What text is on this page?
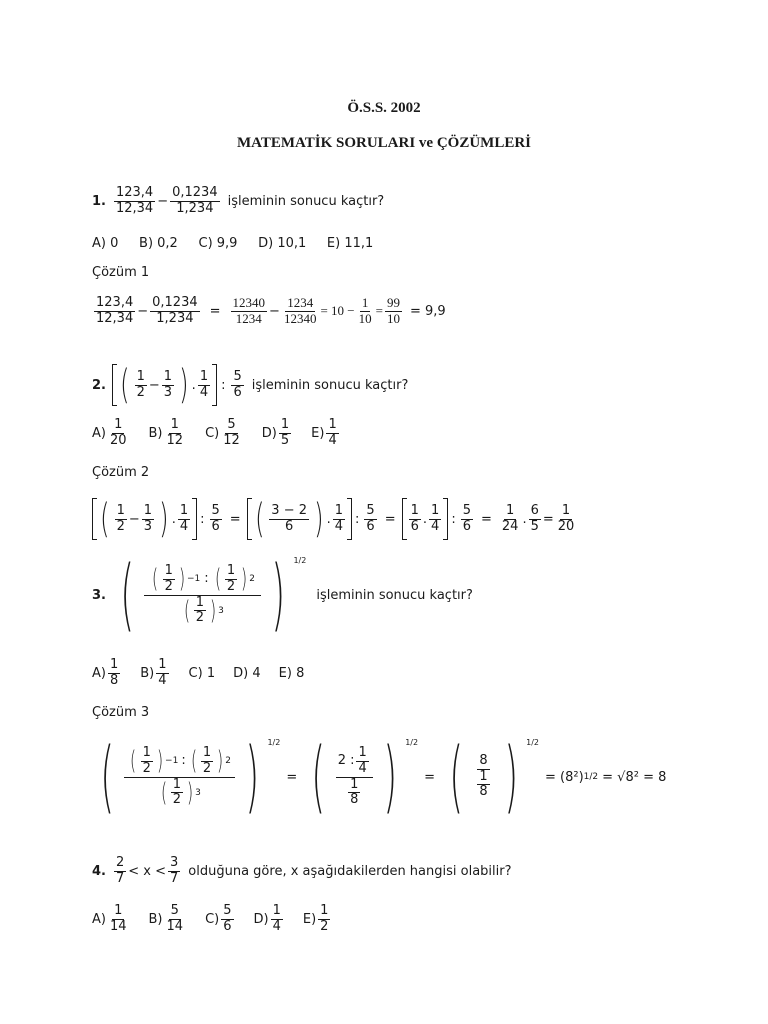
Ö.S.S. 2002
MATEMATİK SORULARI ve ÇÖZÜMLERİ
1. $\frac{123,4}{12,34} - \frac{0,1234}{1,234}$ işleminin sonucu kaçtır?
A) 0     B) 0,2     C) 9,9     D) 10,1     E) 11,1
Çözüm 1
$\frac{123,4}{12,34} - \frac{0,1234}{1,234} = \frac{12340}{1234} - \frac{1234}{12340} = 10 - \frac{1}{10} = \frac{99}{10} = 9,9$
2. ( $\frac{1}{2} - \frac{1}{3}$ ) . $\frac{1}{4}$ : $\frac{5}{6}$ işleminin sonucu kaçtır?
$A) \frac{1}{20} B) \frac{1}{12} C) \frac{5}{12} D) \frac{1}{5} E) \frac{1}{4}$
Çözüm 2
( $\frac{1}{2} - \frac{1}{3}$ ) . $\frac{1}{4}$ : $\frac{5}{6}$ = ( $\frac{3 - 2}{6}$ ) . $\frac{1}{4}$ : $\frac{5}{6} = \frac{1}{6}$ . $\frac{1}{4}$ : $\frac{5}{6} = \frac{1}{24}$ . $\frac{6}{5} = \frac{1}{20}$
3. ( $\frac{( \frac{1}{2} ) -1 : ( \frac{1}{2} ) 2}{( \frac{1}{2} ) 3}$ ) 1/2
işleminin sonucu kaçtır?
$A) \frac{1}{8} B) \frac{1}{4} C$)
1 D)
4 E)
8
Çözüm 3
( $\frac{( \frac{1}{2} ) -1 : ( \frac{1}{2} ) 2}{( \frac{1}{2} ) 3}$ ) 1/2
= ( $\frac{2 : \frac{1}{4}}{\frac{1}{8}}$ ) 1/2
= ( $\frac{8}{\frac{1}{8}}$ ) 1/2
= (8²) 1/2 = √8² = 8
4. $\frac{2}{7} < x < \frac{3}{7}$ olduğuna göre, x aşağıdakilerden hangisi olabilir?
$A) \frac{1}{14} B) \frac{5}{14} C) \frac{5}{6} D) \frac{1}{4} E) \frac{1}{2}$
